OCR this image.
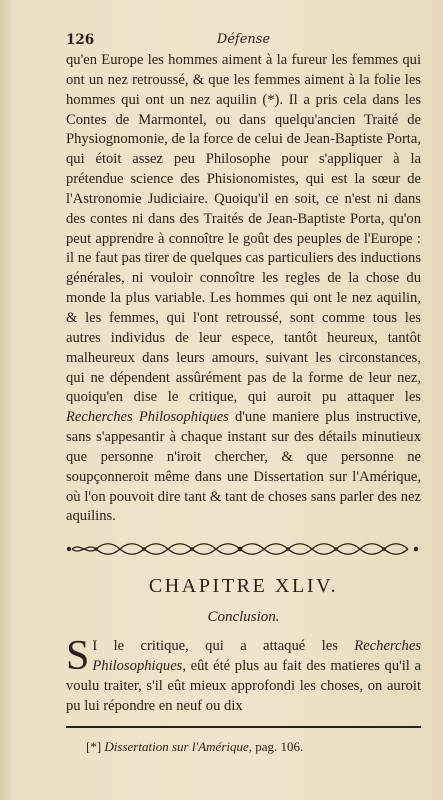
126	Défense

qu'en Europe les hommes aiment à la fureur les femmes qui ont un nez retroussé, & que les femmes aiment à la folie les hommes qui ont un nez aquilin (*). Il a pris cela dans les Contes de Marmontel, ou dans quelqu'ancien Traité de Physiognomonie, de la force de celui de Jean-Baptiste Porta, qui étoit assez peu Philosophe pour s'appliquer à la prétendue science des Phisionomistes, qui est la sœur de l'Astronomie Judiciaire. Quoiqu'il en soit, ce n'est ni dans des contes ni dans des Traités de Jean-Baptiste Porta, qu'on peut apprendre à connoître le goût des peuples de l'Europe : il ne faut pas tirer de quelques cas particuliers des inductions générales, ni vouloir connoître les regles de la chose du monde la plus variable. Les hommes qui ont le nez aquilin, & les femmes, qui l'ont retroussé, sont comme tous les autres individus de leur espece, tantôt heureux, tantôt malheureux dans leurs amours, suivant les circonstances, qui ne dépendent assûrément pas de la forme de leur nez, quoiqu'en dise le critique, qui auroit pu attaquer les Recherches Philosophiques d'une maniere plus instructive, sans s'appesantir à chaque instant sur des détails minutieux que personne n'iroit chercher, & que personne ne soupçonneroit même dans une Dissertation sur l'Amérique, où l'on pouvoit dire tant & tant de choses sans parler des nez aquilins.

CHAPITRE XLIV.
Conclusion.

S I le critique, qui a attaqué les Recherches Philosophiques, eût été plus au fait des matieres qu'il a voulu traiter, s'il eût mieux approfondi les choses, on auroit pu lui répondre en neuf ou dix

[*] Dissertation sur l'Amérique, pag. 106.
